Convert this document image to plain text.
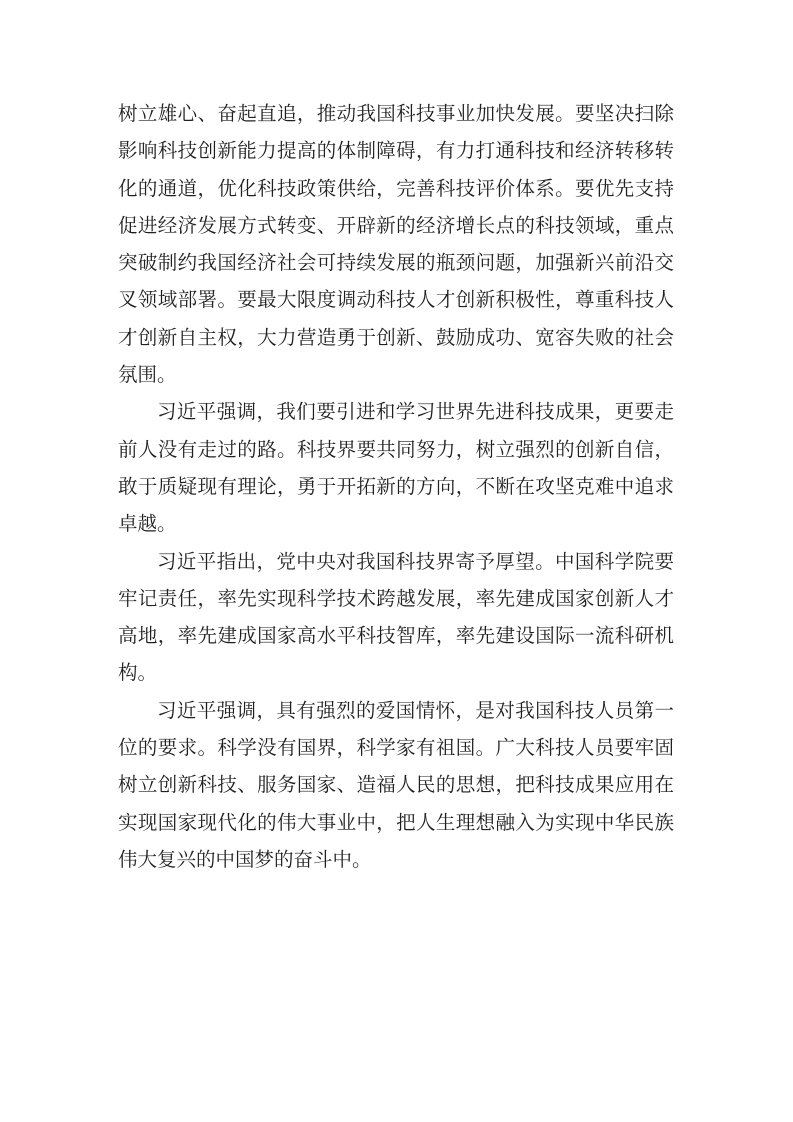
树立雄心、奋起直追，推动我国科技事业加快发展。要坚决扫除
影响科技创新能力提高的体制障碍，有力打通科技和经济转移转
化的通道，优化科技政策供给，完善科技评价体系。要优先支持
促进经济发展方式转变、开辟新的经济增长点的科技领域，重点
突破制约我国经济社会可持续发展的瓶颈问题，加强新兴前沿交
叉领域部署。要最大限度调动科技人才创新积极性，尊重科技人
才创新自主权，大力营造勇于创新、鼓励成功、宽容失败的社会
氛围。
习近平强调，我们要引进和学习世界先进科技成果，更要走
前人没有走过的路。科技界要共同努力，树立强烈的创新自信，
敢于质疑现有理论，勇于开拓新的方向，不断在攻坚克难中追求
卓越。
习近平指出，党中央对我国科技界寄予厚望。中国科学院要
牢记责任，率先实现科学技术跨越发展，率先建成国家创新人才
高地，率先建成国家高水平科技智库，率先建设国际一流科研机
构。
习近平强调，具有强烈的爱国情怀，是对我国科技人员第一
位的要求。科学没有国界，科学家有祖国。广大科技人员要牢固
树立创新科技、服务国家、造福人民的思想，把科技成果应用在
实现国家现代化的伟大事业中，把人生理想融入为实现中华民族
伟大复兴的中国梦的奋斗中。
